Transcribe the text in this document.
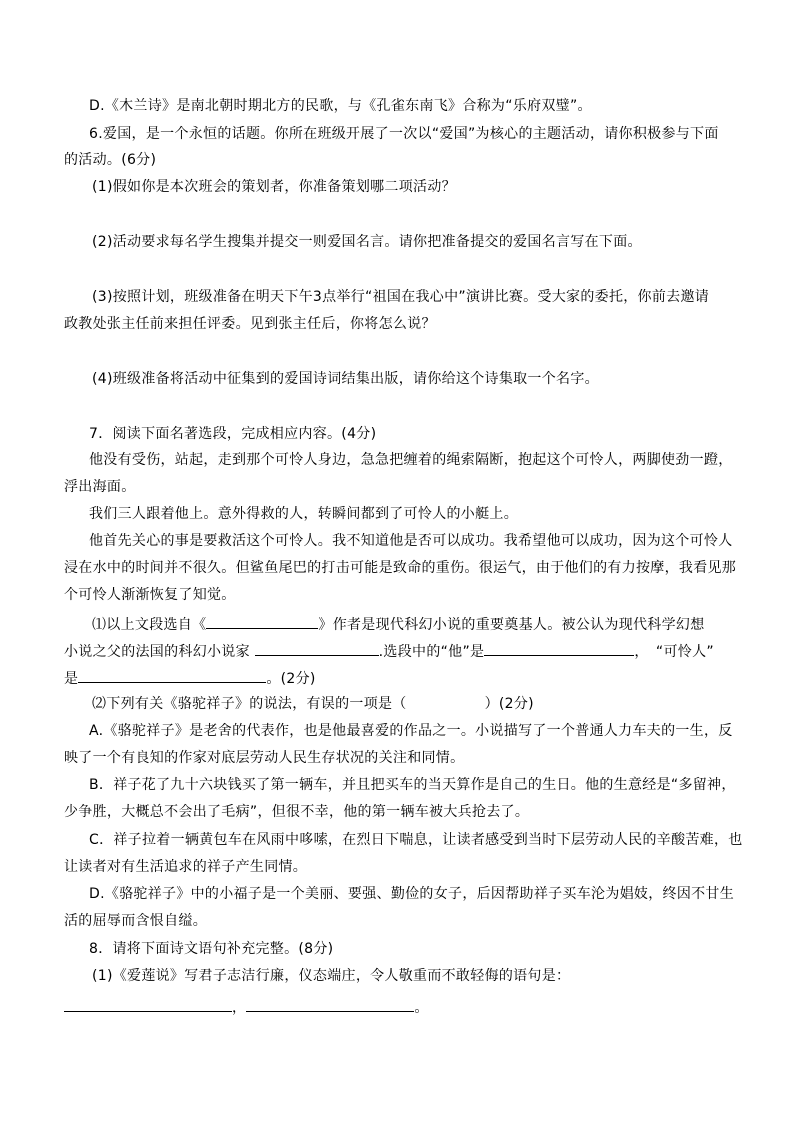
D.《木兰诗》是南北朝时期北方的民歌，与《孔雀东南飞》合称为“乐府双璧”。
6.爱国，是一个永恒的话题。你所在班级开展了一次以“爱国”为核心的主题活动，请你积极参与下面
的活动。(6分)
(1)假如你是本次班会的策划者，你准备策划哪二项活动？
(2)活动要求每名学生搜集并提交一则爱国名言。请你把准备提交的爱国名言写在下面。
(3)按照计划，班级准备在明天下午3点举行“祖国在我心中”演讲比赛。受大家的委托，你前去邀请
政教处张主任前来担任评委。见到张主任后，你将怎么说？
(4)班级准备将活动中征集到的爱国诗词结集出版，请你给这个诗集取一个名字。
7．阅读下面名著选段，完成相应内容。(4分)
他没有受伤，站起，走到那个可怜人身边，急急把缠着的绳索隔断，抱起这个可怜人，两脚使劲一蹬，
浮出海面。
我们三人跟着他上。意外得救的人，转瞬间都到了可怜人的小艇上。
他首先关心的事是要救活这个可怜人。我不知道他是否可以成功。我希望他可以成功，因为这个可怜人
浸在水中的时间并不很久。但鲨鱼尾巴的打击可能是致命的重伤。很运气，由于他们的有力按摩，我看见那
个可怜人渐渐恢复了知觉。
⑴以上文段选自《	》作者是现代科幻小说的重要奠基人。被公认为现代科学幻想
小说之父的法国的科幻小说家	.选段中的“他”是	，　“可怜人”
是	。(2分)
⑵下列有关《骆驼祥子》的说法，有误的一项是（	）(2分)
A.《骆驼祥子》是老舍的代表作，也是他最喜爱的作品之一。小说描写了一个普通人力车夫的一生，反
映了一个有良知的作家对底层劳动人民生存状况的关注和同情。
B．祥子花了九十六块钱买了第一辆车，并且把买车的当天算作是自己的生日。他的生意经是“多留神，
少争胜，大概总不会出了毛病”，但很不幸，他的第一辆车被大兵抢去了。
C．祥子拉着一辆黄包车在风雨中哆嗦，在烈日下喘息，让读者感受到当时下层劳动人民的辛酸苦难，也
让读者对有生活追求的祥子产生同情。
D.《骆驼祥子》中的小福子是一个美丽、要强、勤俭的女子，后因帮助祥子买车沦为娼妓，终因不甘生
活的屈辱而含恨自缢。
8．请将下面诗文语句补充完整。(8分)
(1)《爱莲说》写君子志洁行廉，仪态端庄，令人敬重而不敢轻侮的语句是：
，	。
